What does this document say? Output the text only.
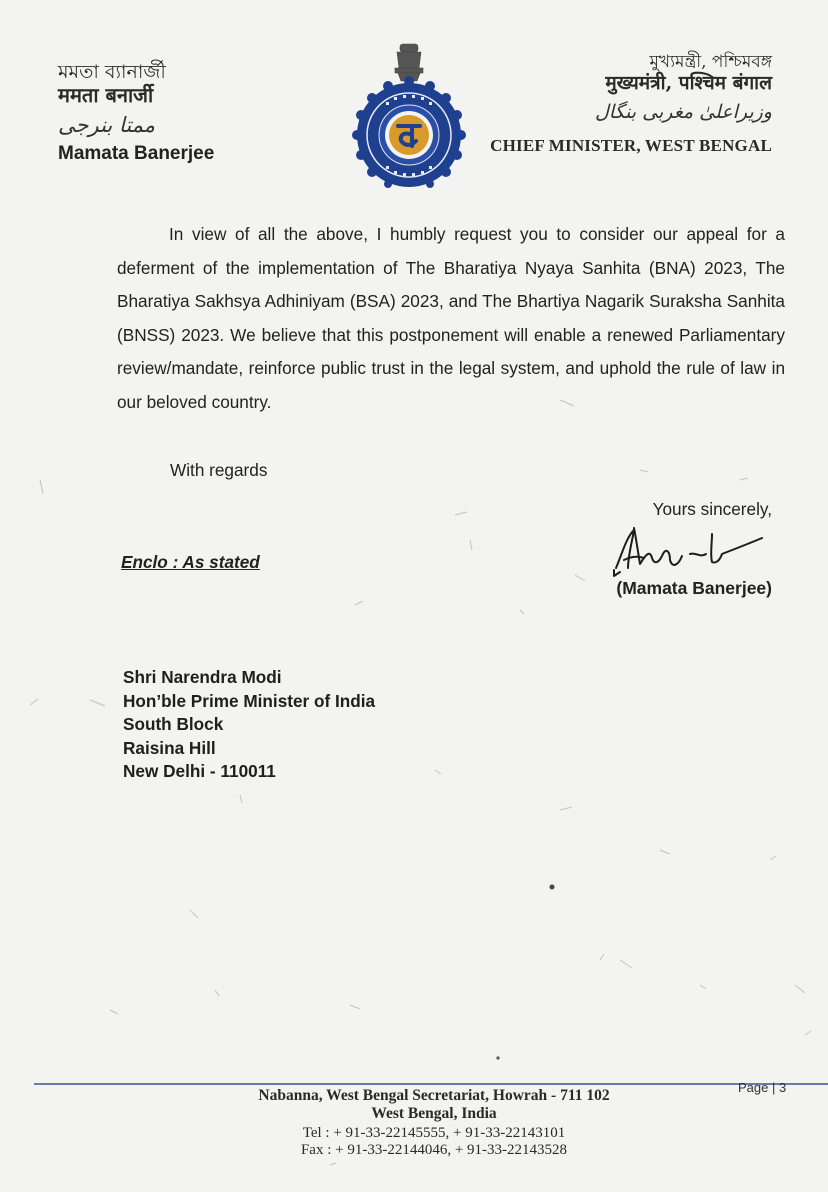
মমতা ব্যানার্জী
ममता बनार्जी
ممتا بنرجی
Mamata Banerjee
মুখ্যমন্ত্রী, পশ্চিমবঙ্গ
मुख्यमंत्री, पश्चिम बंगाल
وزیراعلیٰ مغربی بنگال
CHIEF MINISTER, WEST BENGAL

In view of all the above, I humbly request you to consider our appeal for a deferment of the implementation of The Bharatiya Nyaya Sanhita (BNA) 2023, The Bharatiya Sakhsya Adhiniyam (BSA) 2023, and The Bhartiya Nagarik Suraksha Sanhita (BNSS) 2023. We believe that this postponement will enable a renewed Parliamentary review/mandate, reinforce public trust in the legal system, and uphold the rule of law in our beloved country.

With regards
Yours sincerely,
(Mamata Banerjee)
Enclo : As stated
Shri Narendra Modi
Hon’ble Prime Minister of India
South Block
Raisina Hill
New Delhi - 110011
Page | 3
Nabanna, West Bengal Secretariat, Howrah - 711 102
West Bengal, India
Tel : + 91-33-22145555, + 91-33-22143101
Fax : + 91-33-22144046, + 91-33-22143528
